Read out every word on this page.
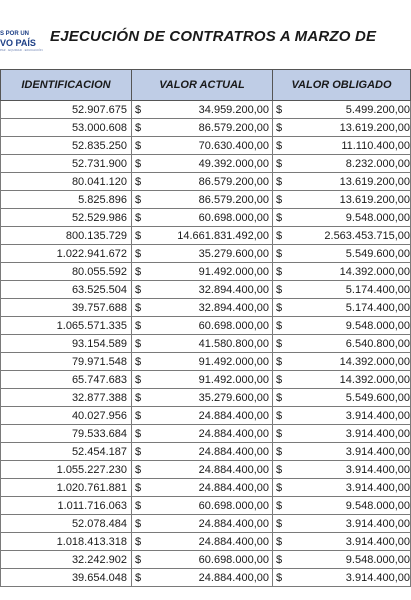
S POR UN
VO PAÍS
PAZ · EQUIDAD · EDUCACIÓN
EJECUCIÓN DE CONTRATROS A MARZO DE
IDENTIFICACION	VALOR ACTUAL		VALOR OBLIGADO	
52.907.675	$	34.959.200,00	$	5.499.200,00
53.000.608	$	86.579.200,00	$	13.619.200,00
52.835.250	$	70.630.400,00	$	11.110.400,00
52.731.900	$	49.392.000,00	$	8.232.000,00
80.041.120	$	86.579.200,00	$	13.619.200,00
5.825.896	$	86.579.200,00	$	13.619.200,00
52.529.986	$	60.698.000,00	$	9.548.000,00
800.135.729	$	14.661.831.492,00	$	2.563.453.715,00
1.022.941.672	$	35.279.600,00	$	5.549.600,00
80.055.592	$	91.492.000,00	$	14.392.000,00
63.525.504	$	32.894.400,00	$	5.174.400,00
39.757.688	$	32.894.400,00	$	5.174.400,00
1.065.571.335	$	60.698.000,00	$	9.548.000,00
93.154.589	$	41.580.800,00	$	6.540.800,00
79.971.548	$	91.492.000,00	$	14.392.000,00
65.747.683	$	91.492.000,00	$	14.392.000,00
32.877.388	$	35.279.600,00	$	5.549.600,00
40.027.956	$	24.884.400,00	$	3.914.400,00
79.533.684	$	24.884.400,00	$	3.914.400,00
52.454.187	$	24.884.400,00	$	3.914.400,00
1.055.227.230	$	24.884.400,00	$	3.914.400,00
1.020.761.881	$	24.884.400,00	$	3.914.400,00
1.011.716.063	$	60.698.000,00	$	9.548.000,00
52.078.484	$	24.884.400,00	$	3.914.400,00
1.018.413.318	$	24.884.400,00	$	3.914.400,00
32.242.902	$	60.698.000,00	$	9.548.000,00
39.654.048	$	24.884.400,00	$	3.914.400,00
